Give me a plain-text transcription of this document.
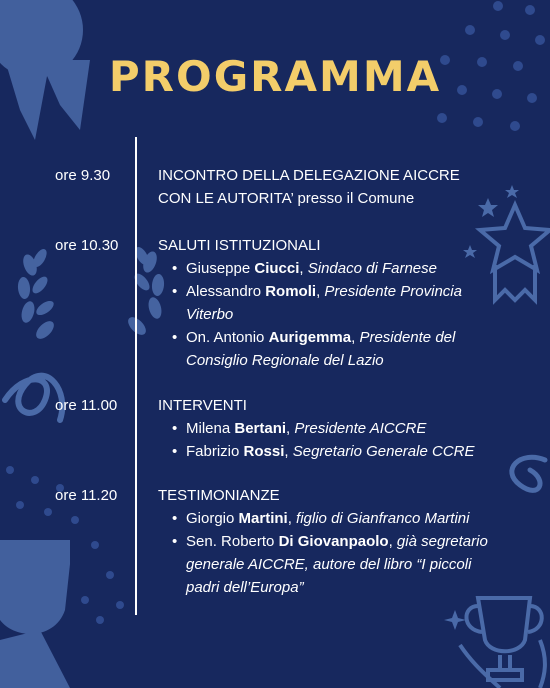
PROGRAMMA
ore 9.30	INCONTRO DELLA DELEGAZIONE AICCRE
CON LE AUTORITA’ presso il Comune
ore 10.30	SALUTI ISTITUZIONALI
• Giuseppe Ciucci, Sindaco di Farnese
• Alessandro Romoli, Presidente Provincia Viterbo
• On. Antonio Aurigemma, Presidente del Consiglio Regionale del Lazio
ore 11.00	INTERVENTI
• Milena Bertani, Presidente AICCRE
• Fabrizio Rossi, Segretario Generale CCRE
ore 11.20	TESTIMONIANZE
• Giorgio Martini, figlio di Gianfranco Martini
• Sen. Roberto Di Giovanpaolo, già segretario generale AICCRE, autore del libro “I piccoli padri dell’Europa”
